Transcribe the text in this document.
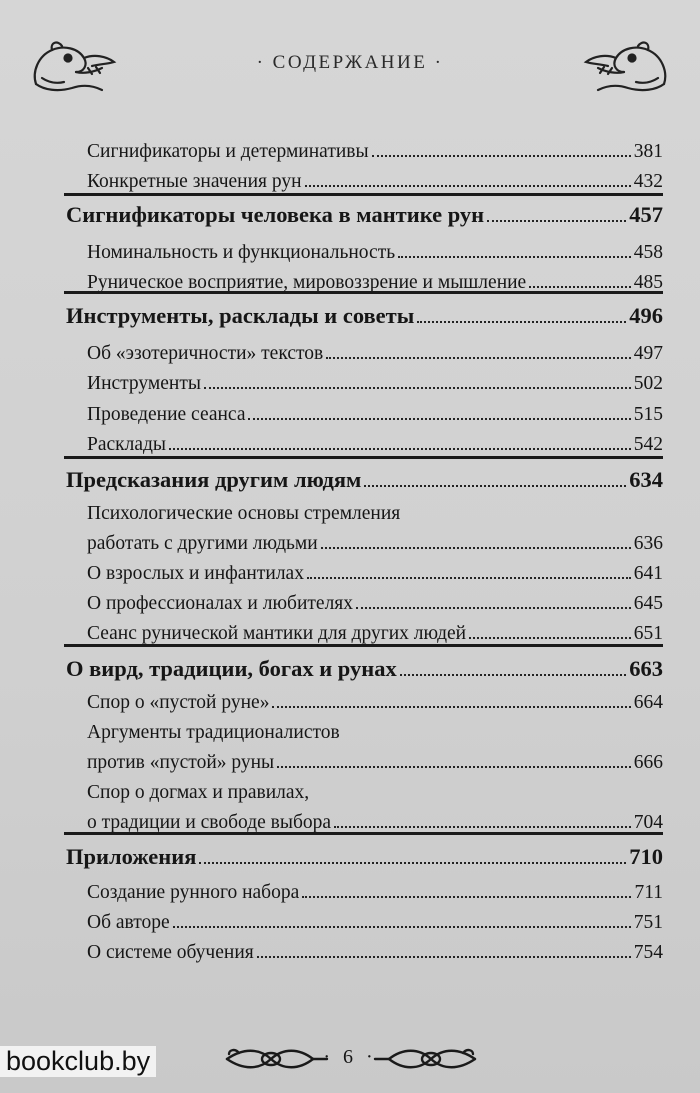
· СОДЕРЖАНИЕ ·
Сигнификаторы и детерминативы	381
Конкретные значения рун	432
Сигнификаторы человека в мантике рун	457
Номинальность и функциональность	458
Руническое восприятие, мировоззрение и мышление	485
Инструменты, расклады и советы	496
Об «эзотеричности» текстов	497
Инструменты	502
Проведение сеанса	515
Расклады	542
Предсказания другим людям	634
Психологические основы стремления
работать с другими людьми	636
О взрослых и инфантилах	641
О профессионалах и любителях	645
Сеанс рунической мантики для других людей	651
О вирд, традиции, богах и рунах	663
Спор о «пустой руне»	664
Аргументы традиционалистов
против «пустой» руны	666
Спор о догмах и правилах,
о традиции и свободе выбора	704
Приложения	710
Создание рунного набора	711
Об авторе	751
О системе обучения	754
· 6 ·
bookclub.by
